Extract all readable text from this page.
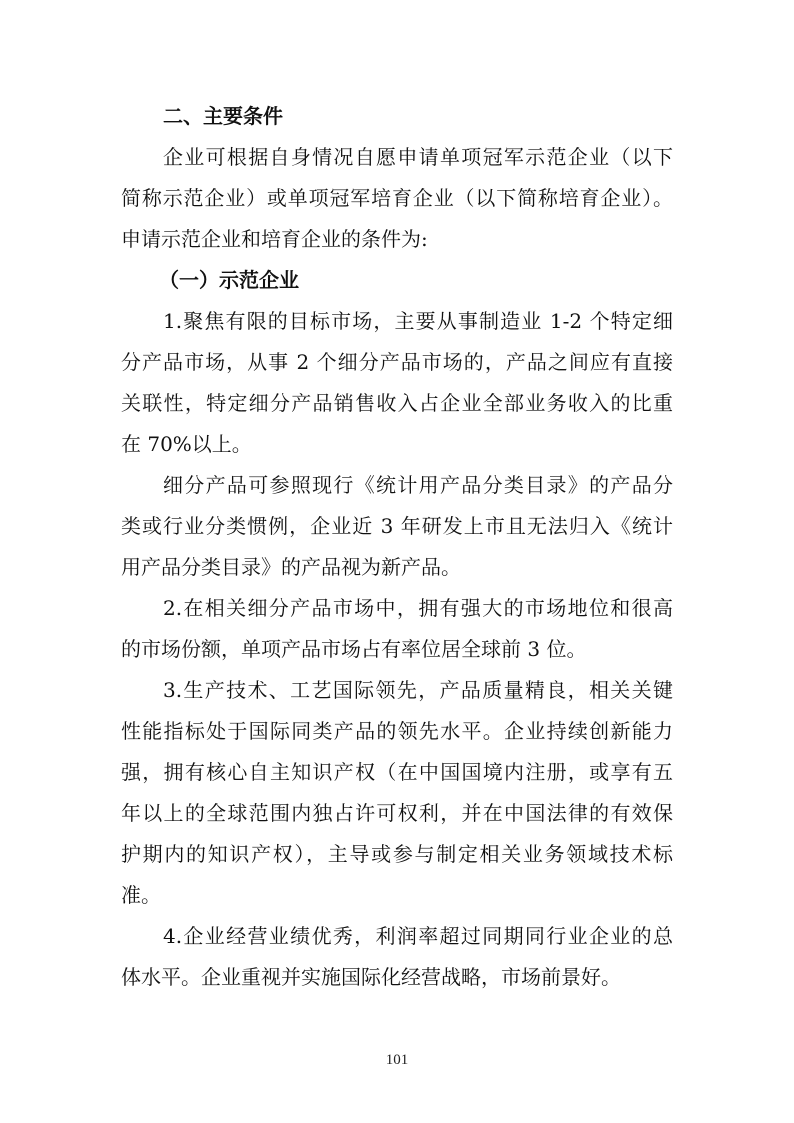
二、主要条件
企业可根据自身情况自愿申请单项冠军示范企业（以下
简称示范企业）或单项冠军培育企业（以下简称培育企业）。
申请示范企业和培育企业的条件为:
（一）示范企业
1.聚焦有限的目标市场，主要从事制造业 1-2 个特定细
分产品市场，从事 2 个细分产品市场的，产品之间应有直接
关联性，特定细分产品销售收入占企业全部业务收入的比重
在 70%以上。
细分产品可参照现行《统计用产品分类目录》的产品分
类或行业分类惯例，企业近 3 年研发上市且无法归入《统计
用产品分类目录》的产品视为新产品。
2.在相关细分产品市场中，拥有强大的市场地位和很高
的市场份额，单项产品市场占有率位居全球前 3 位。
3.生产技术、工艺国际领先，产品质量精良，相关关键
性能指标处于国际同类产品的领先水平。企业持续创新能力
强，拥有核心自主知识产权（在中国国境内注册，或享有五
年以上的全球范围内独占许可权利，并在中国法律的有效保
护期内的知识产权），主导或参与制定相关业务领域技术标
准。
4.企业经营业绩优秀，利润率超过同期同行业企业的总
体水平。企业重视并实施国际化经营战略，市场前景好。
101
